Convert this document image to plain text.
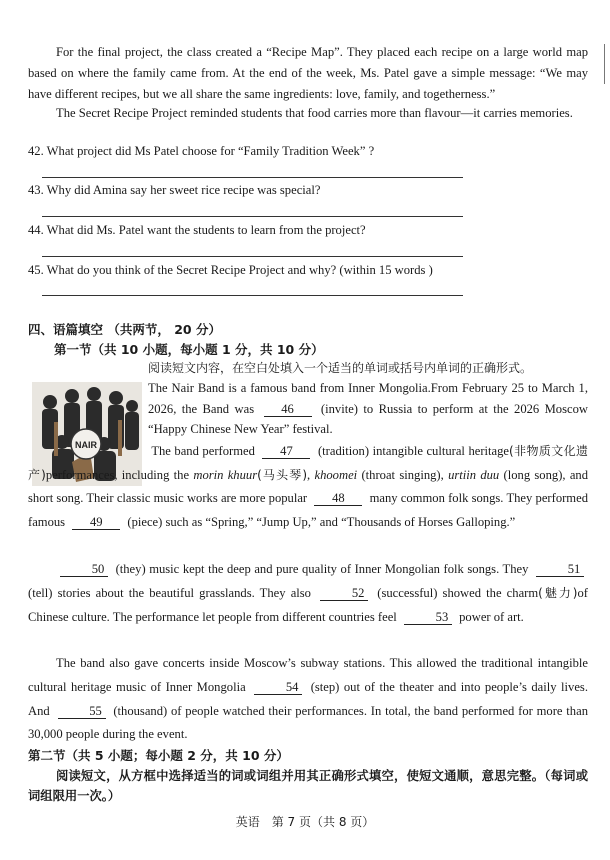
For the final project, the class created a “Recipe Map”. They placed each recipe on a large world map based on where the family came from. At the end of the week, Ms. Patel gave a simple message: “We may have different recipes, but we all share the same ingredients: love, family, and togetherness.”
The Secret Recipe Project reminded students that food carries more than flavour—it carries memories.
42. What project did Ms Patel choose for “Family Tradition Week” ?
43. Why did Amina say her sweet rice recipe was special?
44. What did Ms. Patel want the students to learn from the project?
45. What do you think of the Secret Recipe Project and why? (within 15 words )
四、语篇填空 （共两节， 20 分）
第一节（共 10 小题，每小题 1 分，共 10 分）
NAIR
阅读短文内容，在空白处填入一个适当的单词或括号内单词的正确形式。
The Nair Band is a famous band from Inner Mongolia.From February 25 to March 1, 2026, the Band was 46 (invite) to Russia to perform at the 2026 Moscow “Happy Chinese New Year” festival.
The band performed 47 (tradition) intangible cultural heritage(非物质文化遗产)performances, including the morin khuur(马头琴), khoomei (throat singing), urtiin duu (long song), and short song. Their classic music works are more popular 48 many common folk songs. They performed famous 49 (piece) such as “Spring,” “Jump Up,” and “Thousands of Horses Galloping.”
50 (they) music kept the deep and pure quality of Inner Mongolian folk songs. They	51 (tell) stories about the beautiful grasslands. They also	52 (successful) showed the charm(魅力)of Chinese culture. The performance let people from different countries feel	53 power of art.
The band also gave concerts inside Moscow’s subway stations. This allowed the traditional intangible cultural heritage music of Inner Mongolia	54 (step) out of the theater and into people’s daily lives. And	55 (thousand) of people watched their performances. In total, the band performed for more than 30,000 people during the event.
第二节（共 5 小题；每小题 2 分，共 10 分）
阅读短文，从方框中选择适当的词或词组并用其正确形式填空，使短文通顺，意思完整。（每词或词组限用一次。）
英语　第 7 页（共 8 页）
